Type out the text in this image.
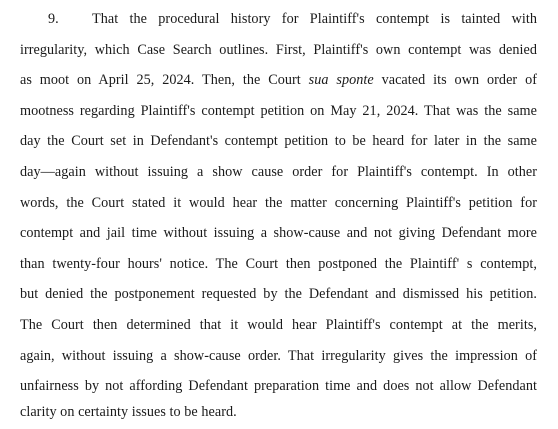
9. That the procedural history for Plaintiff's contempt is tainted with
irregularity, which Case Search outlines. First, Plaintiff's own contempt was denied
as moot on April 25, 2024. Then, the Court sua sponte vacated its own order of
mootness regarding Plaintiff's contempt petition on May 21, 2024. That was the same
day the Court set in Defendant's contempt petition to be heard for later in the same
day—again without issuing a show cause order for Plaintiff's contempt. In other
words, the Court stated it would hear the matter concerning Plaintiff's petition for
contempt and jail time without issuing a show-cause and not giving Defendant more
than twenty-four hours' notice. The Court then postponed the Plaintiff' s contempt,
but denied the postponement requested by the Defendant and dismissed his petition.
The Court then determined that it would hear Plaintiff's contempt at the merits,
again, without issuing a show-cause order. That irregularity gives the impression of
unfairness by not affording Defendant preparation time and does not allow Defendant
clarity on certainty issues to be heard.
